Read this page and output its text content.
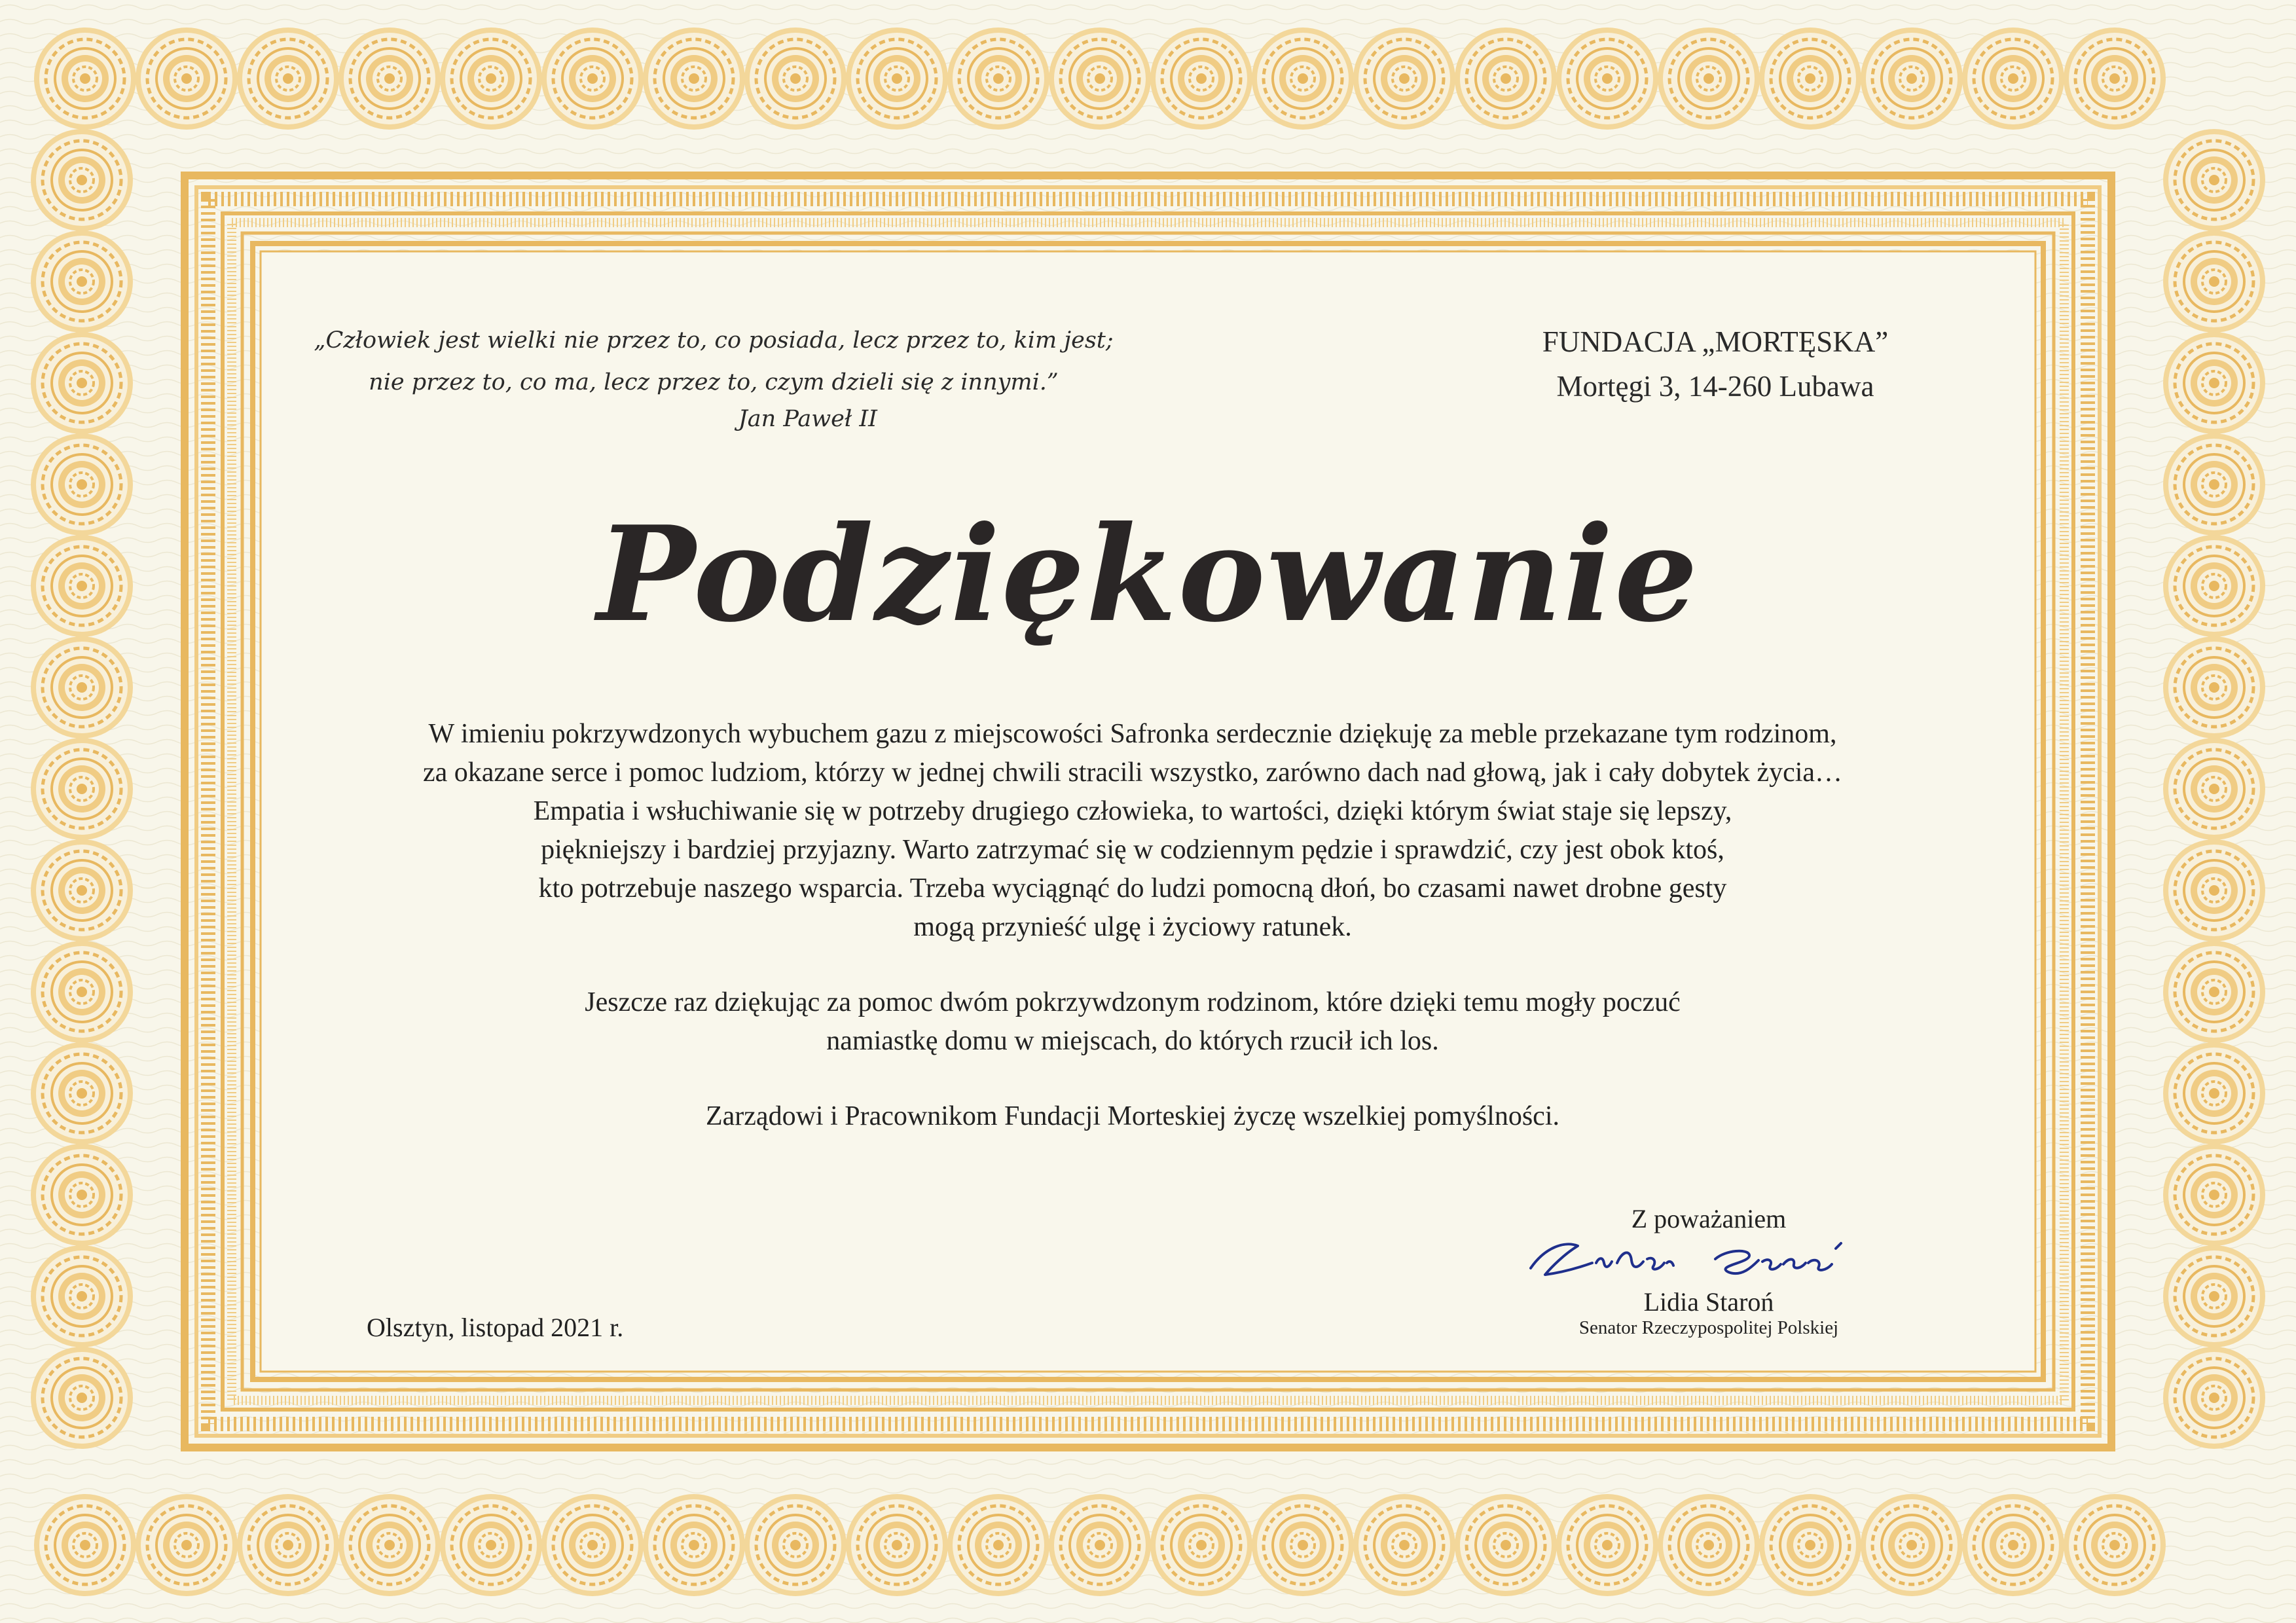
„Człowiek jest wielki nie przez to, co posiada, lecz przez to, kim jest;
nie przez to, co ma, lecz przez to, czym dzieli się z innymi.”
Jan Paweł II
FUNDACJA „MORTĘSKA”
Mortęgi 3, 14-260 Lubawa
Podziękowanie

W imieniu pokrzywdzonych wybuchem gazu z miejscowości Safronka serdecznie dziękuję za meble przekazane tym rodzinom,
za okazane serce i pomoc ludziom, którzy w jednej chwili stracili wszystko, zarówno dach nad głową, jak i cały dobytek życia…
Empatia i wsłuchiwanie się w potrzeby drugiego człowieka, to wartości, dzięki którym świat staje się lepszy,
piękniejszy i bardziej przyjazny. Warto zatrzymać się w codziennym pędzie i sprawdzić, czy jest obok ktoś,
kto potrzebuje naszego wsparcia. Trzeba wyciągnąć do ludzi pomocną dłoń, bo czasami nawet drobne gesty
mogą przynieść ulgę i życiowy ratunek.

Jeszcze raz dziękując za pomoc dwóm pokrzywdzonym rodzinom, które dzięki temu mogły poczuć
namiastkę domu w miejscach, do których rzucił ich los.

Zarządowi i Pracownikom Fundacji Morteskiej życzę wszelkiej pomyślności.

Z poważaniem
Lidia Staroń
Senator Rzeczypospolitej Polskiej
Olsztyn, listopad 2021 r.
